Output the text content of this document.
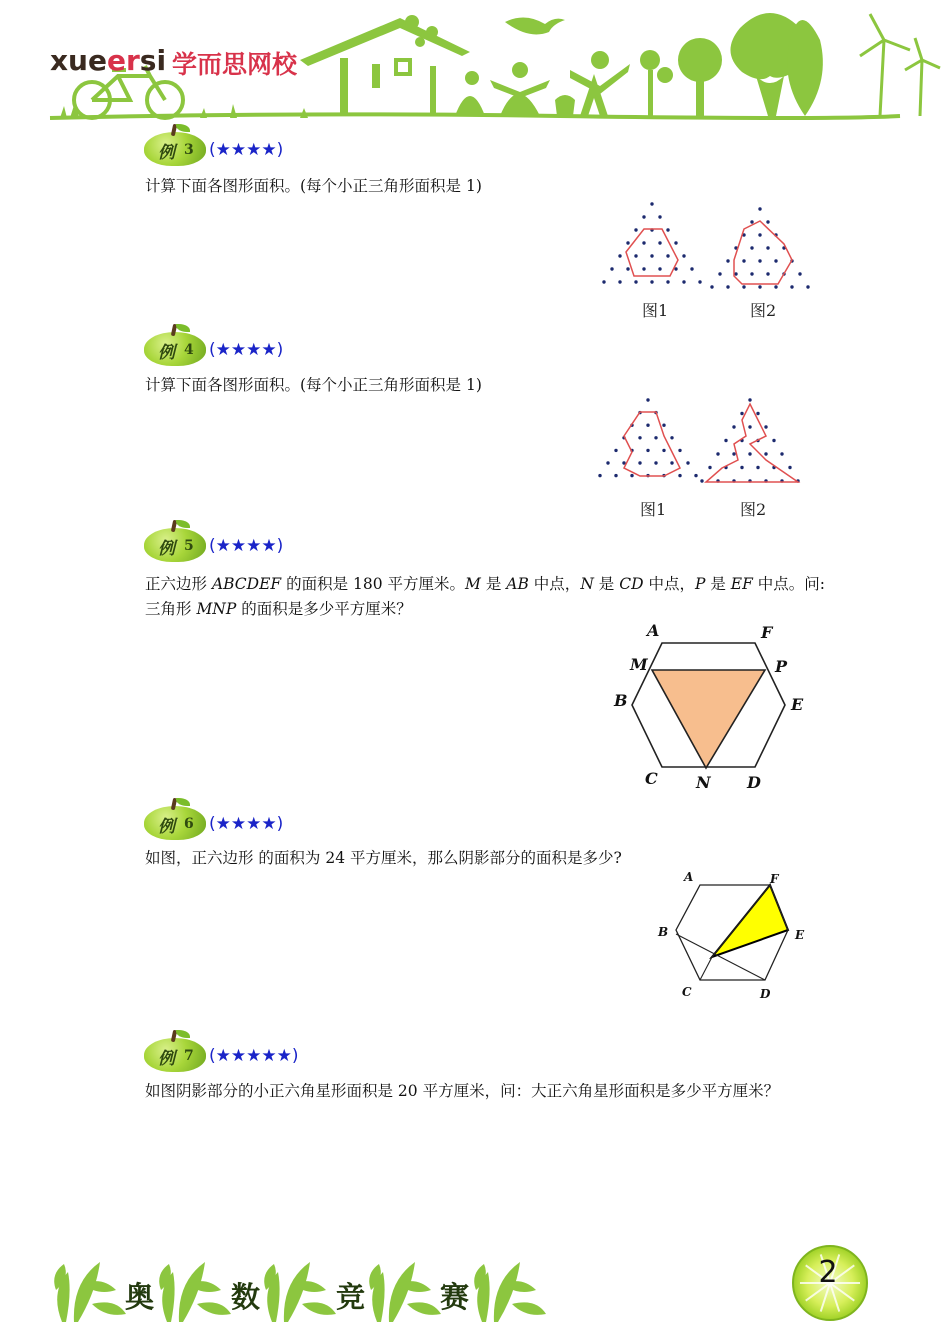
xueersi 学而思网校
例 3 (★★★★)
计算下面各图形面积。(每个小正三角形面积是 1)
图1	图2
例 4 (★★★★)
计算下面各图形面积。(每个小正三角形面积是 1)
图1	图2
例 5 (★★★★)
正六边形 ABCDEF 的面积是 180 平方厘米。M 是 AB 中点，N 是 CD 中点，P 是 EF 中点。问:
三角形 MNP 的面积是多少平方厘米？
A	F
M	P
B	E
C N D
例 6 (★★★★)
如图，正六边形 的面积为 24 平方厘米，那么阴影部分的面积是多少?
A	F
B	E
C	D
例 7 (★★★★★)
如图阴影部分的小正六角星形面积是 20 平方厘米，问：大正六角星形面积是多少平方厘米？
奥	数	竞	赛
2
